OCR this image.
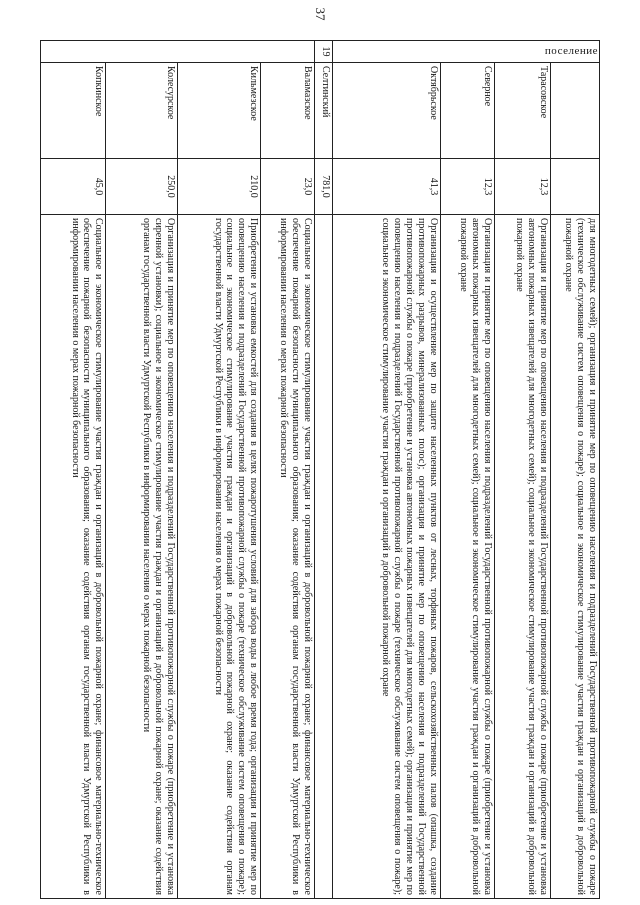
37
поселение			для многодетных семей); организация и принятие мер по оповещению населения и подразделений Государственной противопожарной службы о пожаре (техническое обслуживание систем оповещения о пожаре); социальное и экономическое стимулирование участия граждан и организаций в добровольной пожарной охране
	Тарасовское	12,3	Организация и принятие мер по оповещению населения и подразделений Государственной противопожарной службы о пожаре (приобретение и установка автономных пожарных извещателей для многодетных семей); социальное и экономическое стимулирование участия граждан и организаций в добровольной пожарной охране
	Северное	12,3	Организация и принятие мер по оповещению населения и подразделений Государственной противопожарной службы о пожаре (приобретение и установка автономных пожарных извещателей для многодетных семей); социальное и экономическое стимулирование участия граждан и организаций в добровольной пожарной охране
	Октябрьское	41,3	Организация и осуществление мер по защите населенных пунктов от лесных, торфяных пожаров, сельскохозяйственных палов (опашка, создание противопожарных разрывов, минерализованных полос); организация и принятие мер по оповещению населения и подразделений Государственной противопожарной службы о пожаре (приобретение и установка автономных пожарных извещателей для многодетных семей); организация и принятие мер по оповещению населения и подразделений Государственной противопожарной службы о пожаре (техническое обслуживание систем оповещения о пожаре); социальное и экономическое стимулирование участия граждан и организаций в добровольной пожарной охране
19	Селтинский	781,0	
	Валамазское	23,0	Социальное и экономическое стимулирование участия граждан и организаций в добровольной пожарной охране; финансовое материально-техническое обеспечение пожарной безопасности муниципального образования; оказание содействия органам государственной власти Удмуртской Республики в информировании населения о мерах пожарной безопасности
	Кильмезское	210,0	Приобретение и установка емкостей для создания в целях пожаротушения условий для забора воды в любое время года; организация и принятие мер по оповещению населения и подразделений Государственной противопожарной службы о пожаре (техническое обслуживание систем оповещения о пожаре); социальное и экономическое стимулирование участия граждан и организаций в добровольной пожарной охране; оказание содействия органам государственной власти Удмуртской Республики в информировании населения о мерах пожарной безопасности
	Колесурское	250,0	Организация и принятие мер по оповещению населения и подразделений Государственной противопожарной службы о пожаре (приобретение и установка сиренной установки); социальное и экономическое стимулирование участия граждан и организаций в добровольной пожарной охране; оказание содействия органам государственной власти Удмуртской Республики в информировании населения о мерах пожарной безопасности
	Копкинское	45,0	Социальное и экономическое стимулирование участия граждан и организаций в добровольной пожарной охране; финансовое материально-техническое обеспечение пожарной безопасности муниципального образования; оказание содействия органам государственной власти Удмуртской Республики в информировании населения о мерах пожарной безопасности
